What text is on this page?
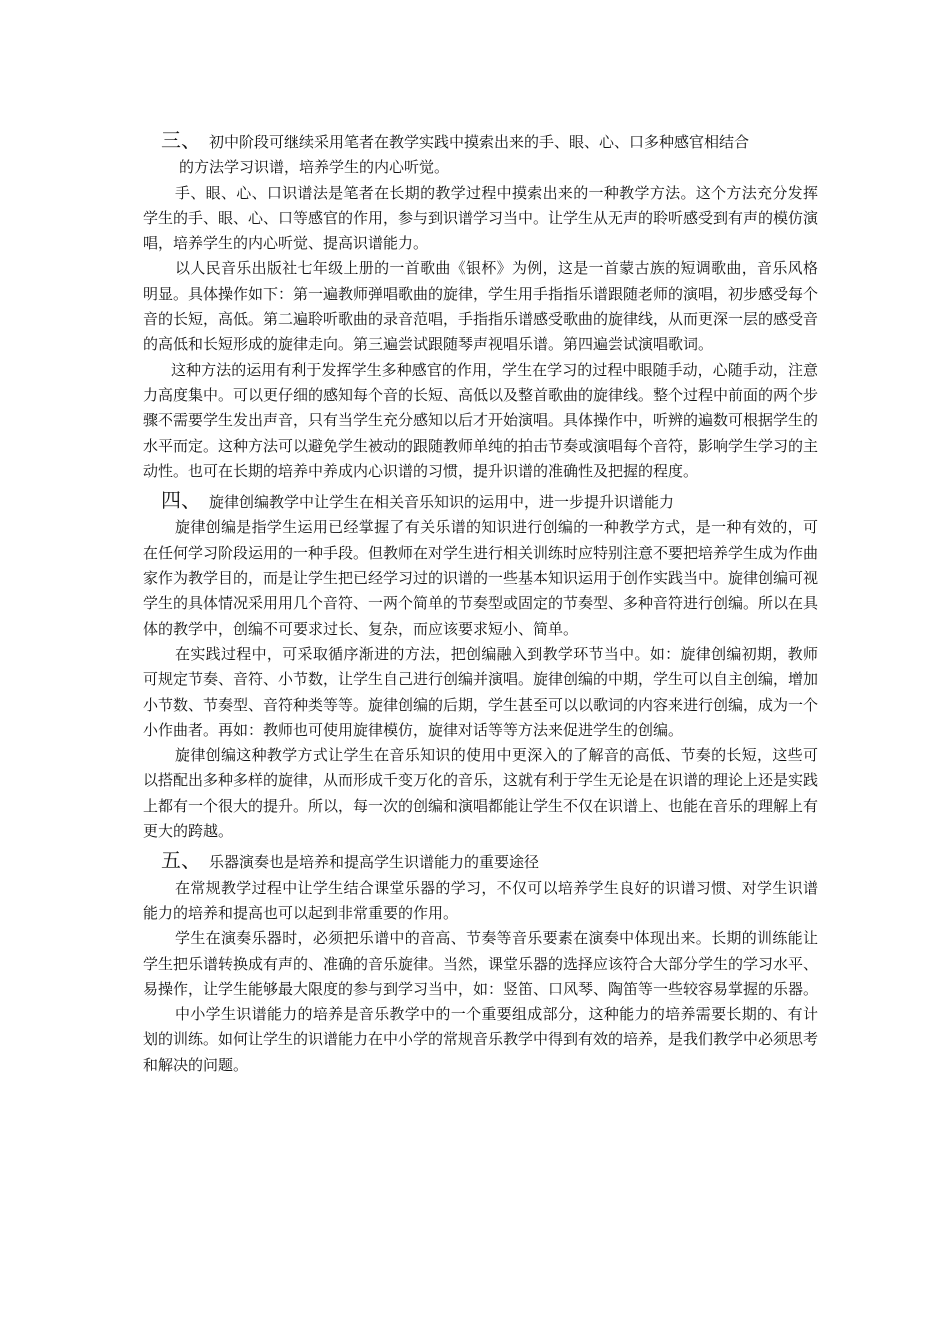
三、 初中阶段可继续采用笔者在教学实践中摸索出来的手、眼、心、口多种感官相结合

的方法学习识谱，培养学生的内心听觉。

手、眼、心、口识谱法是笔者在长期的教学过程中摸索出来的一种教学方法。这个方法充分发挥学生的手、眼、心、口等感官的作用，参与到识谱学习当中。让学生从无声的聆听感受到有声的模仿演唱，培养学生的内心听觉、提高识谱能力。

以人民音乐出版社七年级上册的一首歌曲《银杯》为例，这是一首蒙古族的短调歌曲，音乐风格明显。具体操作如下：第一遍教师弹唱歌曲的旋律，学生用手指指乐谱跟随老师的演唱，初步感受每个音的长短，高低。第二遍聆听歌曲的录音范唱，手指指乐谱感受歌曲的旋律线，从而更深一层的感受音的高低和长短形成的旋律走向。第三遍尝试跟随琴声视唱乐谱。第四遍尝试演唱歌词。

这种方法的运用有利于发挥学生多种感官的作用，学生在学习的过程中眼随手动，心随手动，注意力高度集中。可以更仔细的感知每个音的长短、高低以及整首歌曲的旋律线。整个过程中前面的两个步骤不需要学生发出声音，只有当学生充分感知以后才开始演唱。具体操作中，听辨的遍数可根据学生的水平而定。这种方法可以避免学生被动的跟随教师单纯的拍击节奏或演唱每个音符，影响学生学习的主动性。也可在长期的培养中养成内心识谱的习惯，提升识谱的准确性及把握的程度。

四、 旋律创编教学中让学生在相关音乐知识的运用中，进一步提升识谱能力

旋律创编是指学生运用已经掌握了有关乐谱的知识进行创编的一种教学方式，是一种有效的，可在任何学习阶段运用的一种手段。但教师在对学生进行相关训练时应特别注意不要把培养学生成为作曲家作为教学目的，而是让学生把已经学习过的识谱的一些基本知识运用于创作实践当中。旋律创编可视学生的具体情况采用用几个音符、一两个简单的节奏型或固定的节奏型、多种音符进行创编。所以在具体的教学中，创编不可要求过长、复杂，而应该要求短小、简单。

在实践过程中，可采取循序渐进的方法，把创编融入到教学环节当中。如：旋律创编初期，教师可规定节奏、音符、小节数，让学生自己进行创编并演唱。旋律创编的中期，学生可以自主创编，增加小节数、节奏型、音符种类等等。旋律创编的后期，学生甚至可以以歌词的内容来进行创编，成为一个小作曲者。再如：教师也可使用旋律模仿，旋律对话等等方法来促进学生的创编。

旋律创编这种教学方式让学生在音乐知识的使用中更深入的了解音的高低、节奏的长短，这些可以搭配出多种多样的旋律，从而形成千变万化的音乐，这就有利于学生无论是在识谱的理论上还是实践上都有一个很大的提升。所以，每一次的创编和演唱都能让学生不仅在识谱上、也能在音乐的理解上有更大的跨越。

五、 乐器演奏也是培养和提高学生识谱能力的重要途径

在常规教学过程中让学生结合课堂乐器的学习，不仅可以培养学生良好的识谱习惯、对学生识谱能力的培养和提高也可以起到非常重要的作用。

学生在演奏乐器时，必须把乐谱中的音高、节奏等音乐要素在演奏中体现出来。长期的训练能让学生把乐谱转换成有声的、准确的音乐旋律。当然，课堂乐器的选择应该符合大部分学生的学习水平、易操作，让学生能够最大限度的参与到学习当中，如：竖笛、口风琴、陶笛等一些较容易掌握的乐器。

中小学生识谱能力的培养是音乐教学中的一个重要组成部分，这种能力的培养需要长期的、有计划的训练。如何让学生的识谱能力在中小学的常规音乐教学中得到有效的培养，是我们教学中必须思考和解决的问题。
